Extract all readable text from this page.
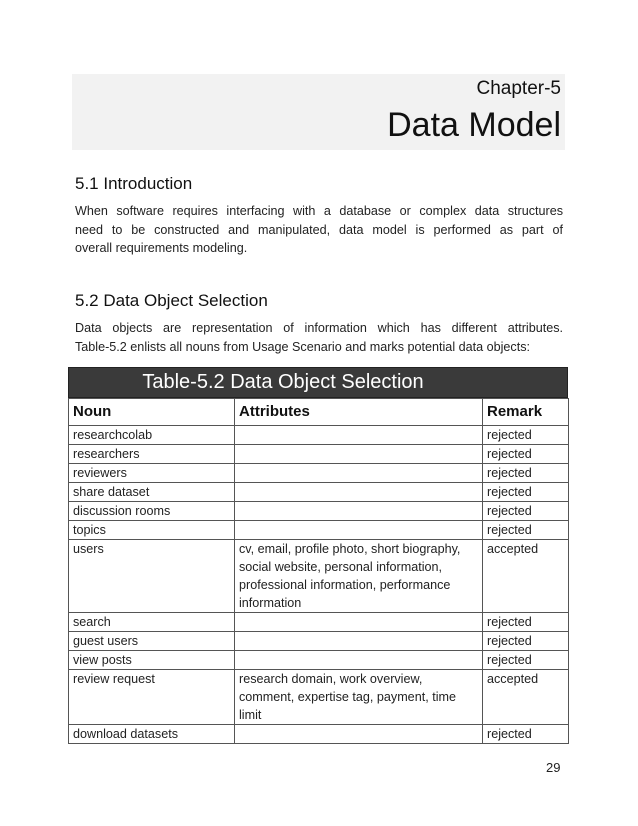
Chapter-5
Data Model
5.1 Introduction
When software requires interfacing with a database or complex data structures
need to be constructed and manipulated, data model is performed as part of
overall requirements modeling.
5.2 Data Object Selection
Data objects are representation of information which has different attributes.
Table-5.2 enlists all nouns from Usage Scenario and marks potential data objects:
Table-5.2 Data Object Selection
Noun	Attributes	Remark
researchcolab		rejected
researchers		rejected
reviewers		rejected
share dataset		rejected
discussion rooms		rejected
topics		rejected
users	cv, email, profile photo, short biography, social website, personal information, professional information, performance information	accepted
search		rejected
guest users		rejected
view posts		rejected
review request	research domain, work overview, comment, expertise tag, payment, time limit	accepted
download datasets		rejected
29
